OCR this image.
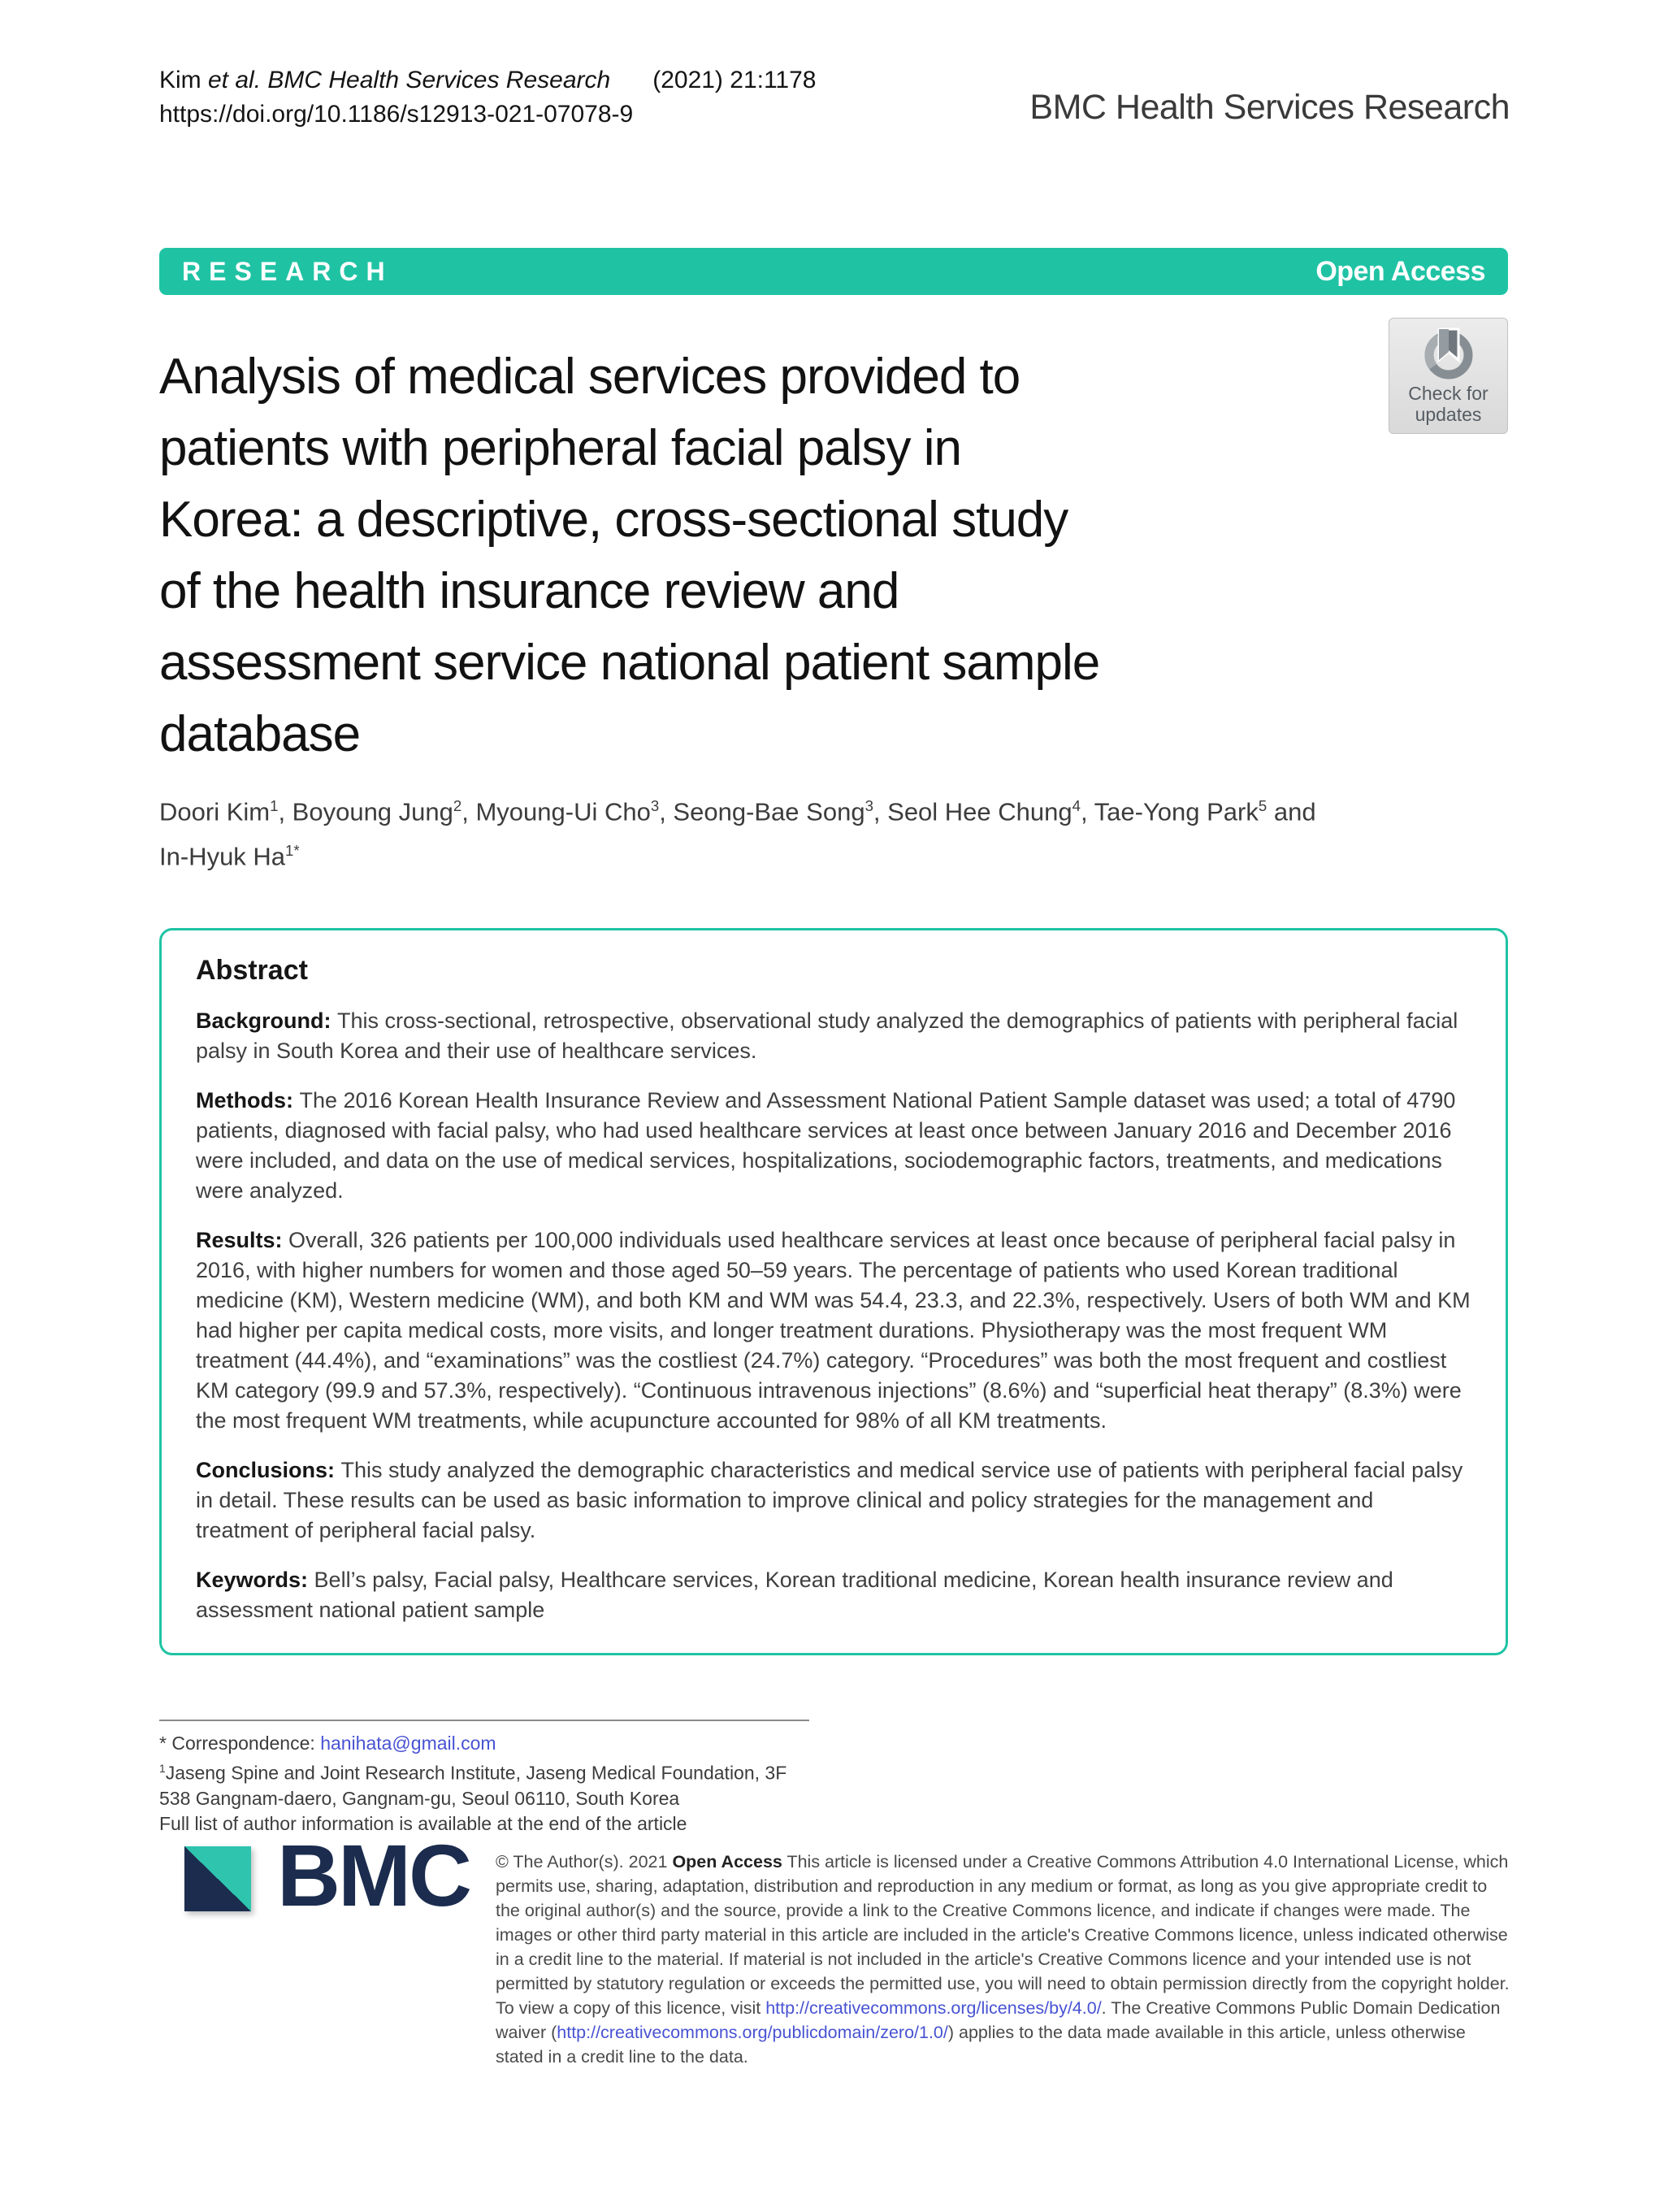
Kim et al. BMC Health Services Research (2021) 21:1178
https://doi.org/10.1186/s12913-021-07078-9	BMC Health Services Research
RESEARCH	Open Access
Check for
updates
Analysis of medical services provided to
patients with peripheral facial palsy in
Korea: a descriptive, cross-sectional study
of the health insurance review and
assessment service national patient sample
database
Doori Kim$^1$, Boyoung Jung$^2$, Myoung-Ui Cho$^3$, Seong-Bae Song$^3$, Seol Hee Chung$^4$, Tae-Yong Park$^5$ and
In-Hyuk $Ha^{1*}$
Abstract

Background: This cross-sectional, retrospective, observational study analyzed the demographics of patients with peripheral facial palsy in South Korea and their use of healthcare services.

Methods: The 2016 Korean Health Insurance Review and Assessment National Patient Sample dataset was used; a total of 4790 patients, diagnosed with facial palsy, who had used healthcare services at least once between January 2016 and December 2016 were included, and data on the use of medical services, hospitalizations, sociodemographic factors, treatments, and medications were analyzed.

Results: Overall, 326 patients per 100,000 individuals used healthcare services at least once because of peripheral facial palsy in 2016, with higher numbers for women and those aged 50–59 years. The percentage of patients who used Korean traditional medicine (KM), Western medicine (WM), and both KM and WM was 54.4, 23.3, and 22.3%, respectively. Users of both WM and KM had higher per capita medical costs, more visits, and longer treatment durations. Physiotherapy was the most frequent WM treatment (44.4%), and “examinations” was the costliest (24.7%) category. “Procedures” was both the most frequent and costliest KM category (99.9 and 57.3%, respectively). “Continuous intravenous injections” (8.6%) and “superficial heat therapy” (8.3%) were the most frequent WM treatments, while acupuncture accounted for 98% of all KM treatments.

Conclusions: This study analyzed the demographic characteristics and medical service use of patients with peripheral facial palsy in detail. These results can be used as basic information to improve clinical and policy strategies for the management and treatment of peripheral facial palsy.

Keywords: Bell’s palsy, Facial palsy, Healthcare services, Korean traditional medicine, Korean health insurance review and assessment national patient sample

* Correspondence: hanihata@gmail.com
$^1$Jaseng Spine and Joint Research Institute, Jaseng Medical Foundation, 3F
538 Gangnam-daero, Gangnam-gu, Seoul 06110, South Korea
Full list of author information is available at the end of the article
BMC © The Author(s). 2021 Open Access This article is licensed under a Creative Commons Attribution 4.0 International License, which permits use, sharing, adaptation, distribution and reproduction in any medium or format, as long as you give appropriate credit to the original author(s) and the source, provide a link to the Creative Commons licence, and indicate if changes were made. The images or other third party material in this article are included in the article's Creative Commons licence, unless indicated otherwise in a credit line to the material. If material is not included in the article's Creative Commons licence and your intended use is not permitted by statutory regulation or exceeds the permitted use, you will need to obtain permission directly from the copyright holder. To view a copy of this licence, visit http://creativecommons.org/licenses/by/4.0/. The Creative Commons Public Domain Dedication waiver (http://creativecommons.org/publicdomain/zero/1.0/) applies to the data made available in this article, unless otherwise stated in a credit line to the data.
